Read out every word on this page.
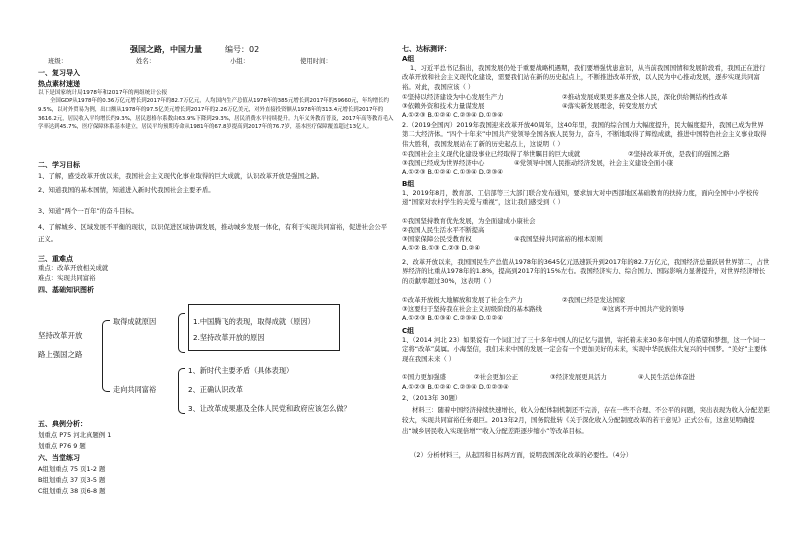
强国之路，中国力量	编号：02
班级：	姓名：	小组：	使用时间：
一、复习导入
热点素材速递
以下是国家统计局1978年和2017年的两组统计公报
全国GDP从1978年的0.36万亿元增长到2017年的82.7万亿元，人均国内生产总值从1978年的385元增长到2017年的59660元，年均增长约9.5%，以对外贸易为例，出口额从1978年的97.5亿美元增长到2017年的2.26万亿美元，对外直接投资额从1978年的313.4元增长到2017年的3616.2元，居民收入平均增长约9.3%，居民恩格尔系数由63.9%下降到29.3%，居民消费水平持续提升。九年义务教育普及，2017年高等教育毛入学率达到45.7%，医疗保障体系基本建立，居民平均预期寿命从1981年的67.8岁提高到2017年的76.7岁，基本医疗保障覆盖超过13亿人。
二、学习目标
1、了解，感受改革开放以来，我国社会主义现代化事业取得的巨大成就，认识改革开放是强国之路。
2、知道我国的基本国情，知道进入新时代我国社会主要矛盾。
3、知道“两个一百年”的奋斗目标。
4、了解城乡、区域发展不平衡的现状，以识促进区域协调发展，推动城乡发展一体化，有利于实现共同富裕，促进社会公平正义。
三、重难点
重点：改革开放相关成就
难点：实现共同富裕
四、基础知识图析
坚持改革开放
路上强国之路
取得成就原因	1.中国腾飞的表现，取得成就（原因）
2.坚持改革开放的原因
走向共同富裕
1、新时代主要矛盾（具体表现）
2、正确认识改革
3、让改革成果惠及全体人民党和政府应该怎么做？
五、典例分析：
划重点 P75 河北真题例 1
划重点 P76 9 题
六、当堂练习
A组划重点 75 页1-2 题
B组划重点 37 页3-5 题
C组划重点 38 页6-8 题
七、达标测评：
A组
1、习近平总书记指出，我国发展仍处于重要战略机遇期，我们要增强忧患意识，从当前我国国情和发展阶段看，我国正在进行改革开放和社会主义现代化建设，需要我们站在新的历史起点上，不断推进改革开放，以人民为中心推动发展，逐步实现共同富裕。对此，我国应该（ ）
①坚持以经济建设为中心发展生产力	②推动发展成果更多惠及全体人民，深化供给侧结构性改革
③依赖外资和技术力量谋发展	④落实新发展理念，转变发展方式
A.①②③ B.①②④ C.②③④ D.①③④
2.（2019全国丙）2019年我国迎来改革开放40周年，这40年里，我国的综合国力大幅度提升，民大幅度提升，我国已成为世界第二大经济体。“四个十年来”中国共产党领导全国各族人民努力，奋斗，不断地取得了辉煌成就，推进中国特色社会主义事业取得伟大胜利，我国发展站在了新的历史起点上，这说明（ ）
①我国社会主义现代化建设事业已经取得了举世瞩目的巨大成就	②坚持改革开放，是我们的强国之路
③我国已经成为世界经济中心	④党领导中国人民推动经济发展，社会主义建设全面小康
A.①②③ B.①②④ C.①③④ D.②③④
B组
1、2019年8月，教育部、工信部等三大部门联合发布通知，要求加大对中西部地区基础教育的扶持力度，面向全国中小学校传递“国家对农村学生的关爱与重视”，这让我们感受到（ ）
①我国坚持教育优先发展，为全面建成小康社会
②我国人民生活水平不断提高
③国家保障公民受教育权	④我国坚持共同富裕的根本原则
A.①② B.①③ C.②③ D.②④
2、改革开放以来，我国国民生产总值从1978年的3645亿元迅速跃升到2017年的82.7万亿元，我国经济总量跃居世界第二，占世界经济的比重从1978年的1.8%，提高到2017年的15%左右。我国经济实力、综合国力、国际影响力显著提升，对世界经济增长的贡献率超过30%，这表明（ ）
①改革开放极大地解放和发展了社会生产力	②我国已经是发达国家
③这要归于坚持我在社会主义初级阶段的基本路线	④这离不开中国共产党的领导
A.①②③ B.①③④ C.②③④ D.①②④
C组
1、（2014 河北 23）如果说有一个词汇过了三十多年中国人的记忆与温情，寄托着未来30多年中国人的希望和梦想，这一个词一定将“改革”莫属。小海坚信，我们未来中国的发展一定会有一个更加美好的未来，实现中华民族伟大复兴的中国梦。“美好”主要体现在我国未来（ ）
①国力更加强盛	②社会更加公正	③经济发展更具活力	④人民生活总体奋进
A.①②③ B.①②④ C.②③④ D.①②③④
2、（2013年 30题）
材料三：随着中国经济持续快速增长，收入分配体制机制还不完善，存在一些不合理、不公平的问题，突出表现为收入分配差距较大，实现共同富裕任务艰巨。2013年2月，国务院批转《关于深化收入分配制度改革的若干意见》正式公布，这意见明确提出“城乡居民收入实现倍增”“收入分配差距逐步缩小”等改革目标。
（2）分析材料三，从起因和目标两方面，说明我国深化改革的必要性。（4分）
